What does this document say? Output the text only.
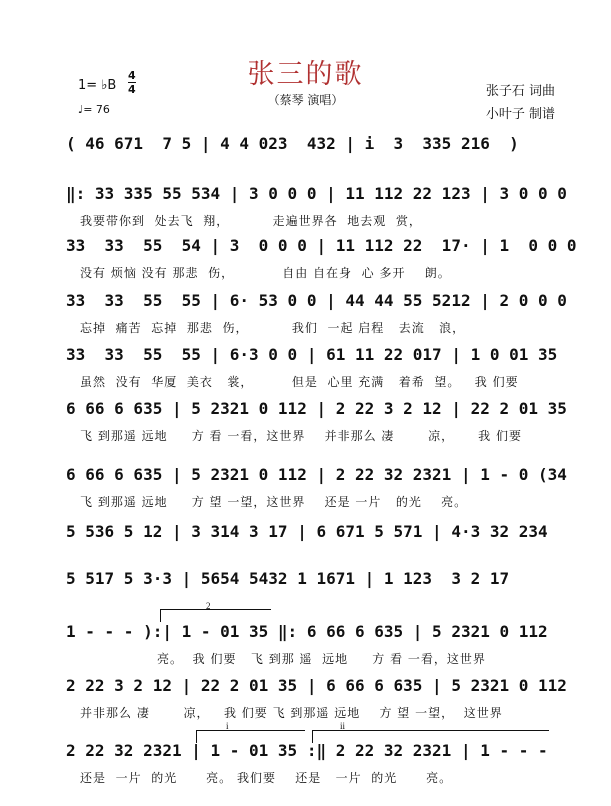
张三的歌
（蔡琴 演唱）
1= ♭B
4
4
♩= 76
张子石 词曲
小叶子 制谱
( 46 671  7 5 | 4 4 023  432 | i  3  335 216  )
‖: 33 335 55 534 | 3 0 0 0 | 11 112 22 123 | 3 0 0 0
我要带你到  处去飞  翔，         走遍世界各  地去观  赏，
33  33  55  54 | 3  0 0 0 | 11 112 22  17· | 1  0 0 0
没有 烦恼 没有 那悲  伤，          自由 自在身  心 多开    朗。
33  33  55  55 | 6· 53 0 0 | 44 44 55 5212 | 2 0 0 0
忘掉  痛苦  忘掉  那悲  伤，         我们  一起 启程   去流   浪，
33  33  55  55 | 6·3 0 0 | 61 11 22 017 | 1 0 01 35
虽然  没有  华厦  美衣   裳，        但是  心里 充满   着希  望。   我 们要
6 66 6 635 | 5 2321 0 112 | 2 22 3 2 12 | 22 2 01 35
飞 到那遥 远地     方 看 一看，这世界    并非那么 凄       凉，     我 们要
6 66 6 635 | 5 2321 0 112 | 2 22 32 2321 | 1 - 0 (34
飞 到那遥 远地     方 望 一望，这世界    还是 一片   的光    亮。
5 536 5 12 | 3 314 3 17 | 6 671 5 571 | 4·3 32 234
5 517 5 3·3 | 5654 5432 1 1671 | 1 123  3 2 17
2
1 - - - ):| 1 - 01 35 ‖: 6 66 6 635 | 5 2321 0 112
亮。  我 们要   飞 到那 遥  远地     方 看 一看，这世界
2 22 3 2 12 | 22 2 01 35 | 6 66 6 635 | 5 2321 0 112
并非那么 凄       凉，   我 们要 飞 到那遥 远地    方 望 一望，  这世界
i	ii
2 22 32 2321 | 1 - 01 35 :‖ 2 22 32 2321 | 1 - - -
还是  一片  的光      亮。 我们要    还是   一片  的光      亮。
